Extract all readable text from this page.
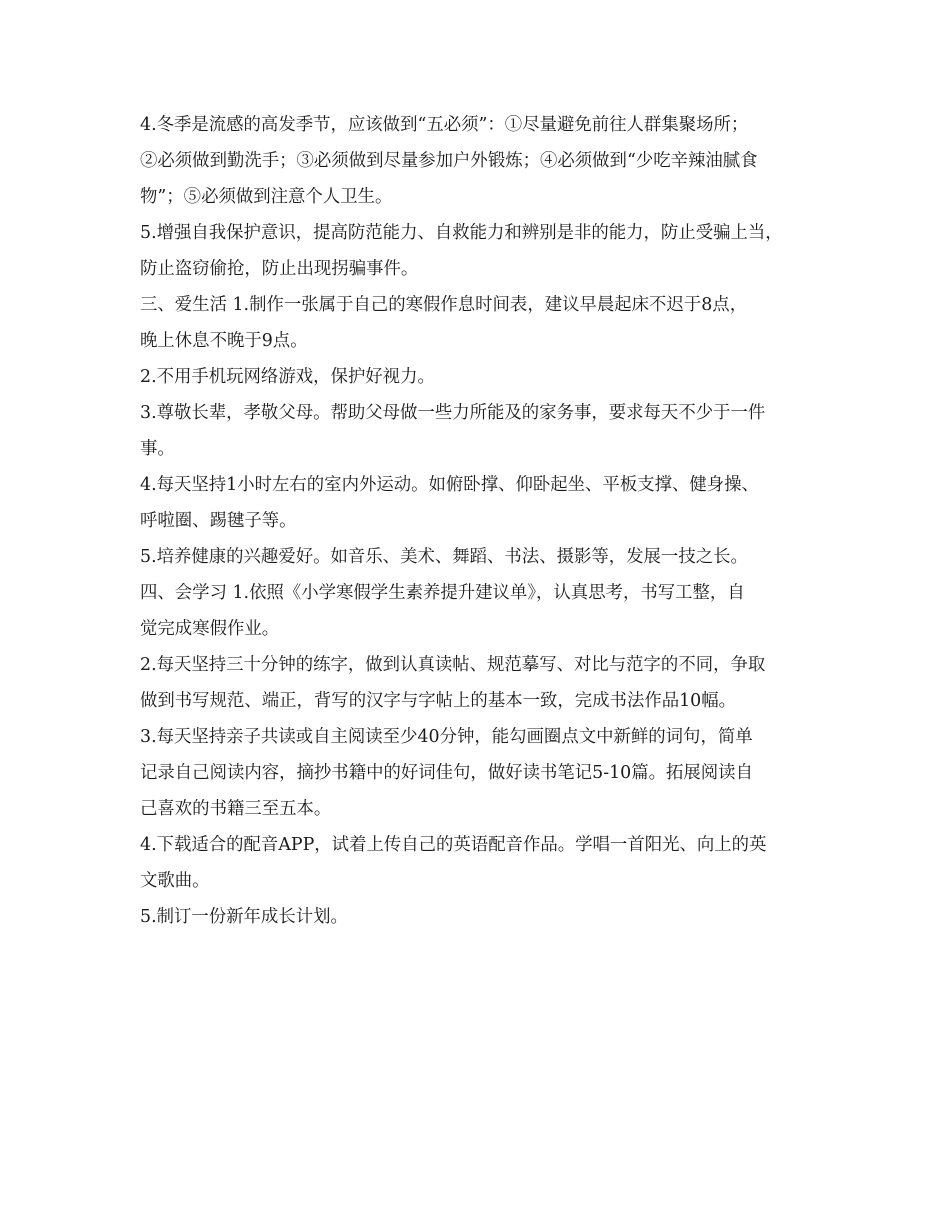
4.冬季是流感的高发季节，应该做到“五必须”：①尽量避免前往人群集聚场所；
②必须做到勤洗手；③必须做到尽量参加户外锻炼；④必须做到“少吃辛辣油腻食
物”；⑤必须做到注意个人卫生。
5.增强自我保护意识，提高防范能力、自救能力和辨别是非的能力，防止受骗上当，
防止盗窃偷抢，防止出现拐骗事件。
三、爱生活 1.制作一张属于自己的寒假作息时间表，建议早晨起床不迟于8点，
晚上休息不晚于9点。
2.不用手机玩网络游戏，保护好视力。
3.尊敬长辈，孝敬父母。帮助父母做一些力所能及的家务事，要求每天不少于一件
事。
4.每天坚持1小时左右的室内外运动。如俯卧撑、仰卧起坐、平板支撑、健身操、
呼啦圈、踢毽子等。
5.培养健康的兴趣爱好。如音乐、美术、舞蹈、书法、摄影等，发展一技之长。
四、会学习 1.依照《小学寒假学生素养提升建议单》，认真思考，书写工整，自
觉完成寒假作业。
2.每天坚持三十分钟的练字，做到认真读帖、规范摹写、对比与范字的不同，争取
做到书写规范、端正，背写的汉字与字帖上的基本一致，完成书法作品10幅。
3.每天坚持亲子共读或自主阅读至少40分钟，能勾画圈点文中新鲜的词句，简单
记录自己阅读内容，摘抄书籍中的好词佳句，做好读书笔记5-10篇。拓展阅读自
己喜欢的书籍三至五本。
4.下载适合的配音APP，试着上传自己的英语配音作品。学唱一首阳光、向上的英
文歌曲。
5.制订一份新年成长计划。
